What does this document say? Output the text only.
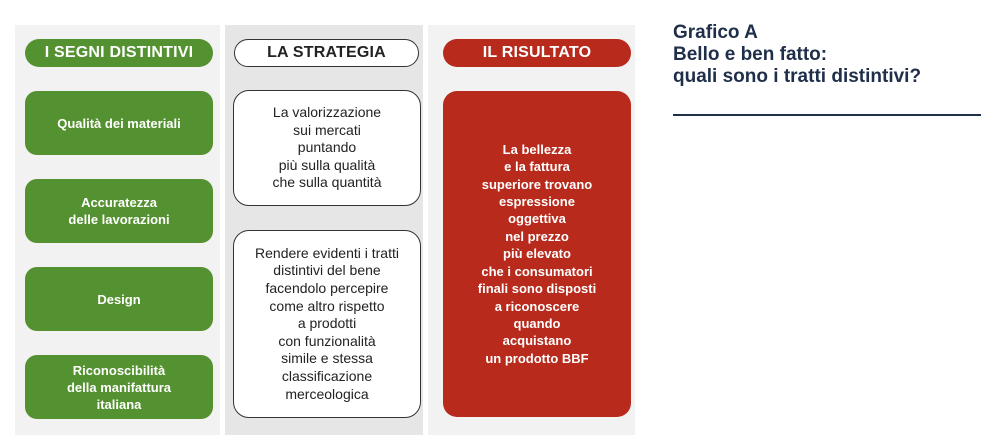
I SEGNI DISTINTIVI	LA STRATEGIA	IL RISULTATO
Qualità dei materiali
Accuratezza
delle lavorazioni
Design
Riconoscibilità
della manifattura
italiana
La valorizzazione
sui mercati
puntando
più sulla qualità
che sulla quantità
Rendere evidenti i tratti
distintivi del bene
facendolo percepire
come altro rispetto
a prodotti
con funzionalità
simile e stessa
classificazione
merceologica
La bellezza
e la fattura
superiore trovano
espressione
oggettiva
nel prezzo
più elevato
che i consumatori
finali sono disposti
a riconoscere
quando
acquistano
un prodotto BBF
Grafico A
Bello e ben fatto:
quali sono i tratti distintivi?
